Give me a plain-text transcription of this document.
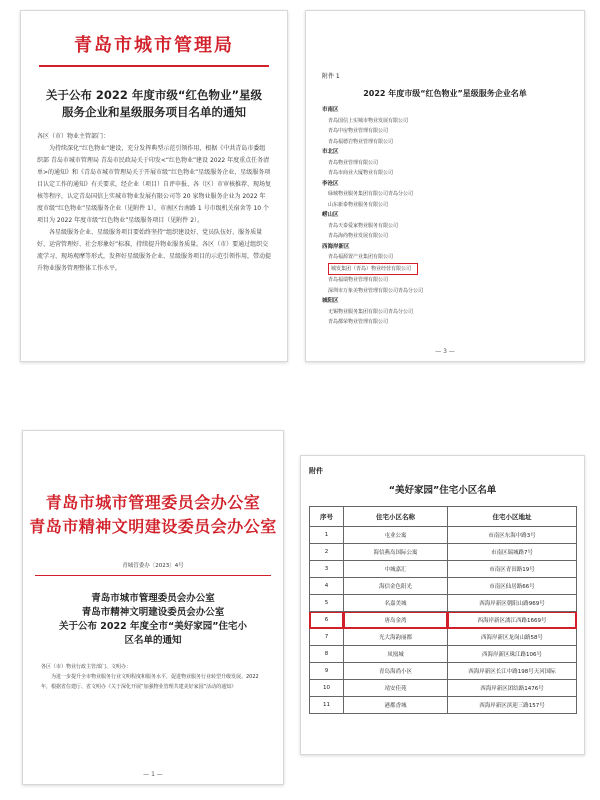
青岛市城市管理局
关于公布 2022 年度市级“红色物业”星级
服务企业和星级服务项目名单的通知

各区（市）物业主管部门：

为持续深化“红色物业”建设，充分发挥典型示范引领作用，根据《中共青岛市委组织部 青岛市城市管理局 青岛市民政局关于印发<“红色物业”建设 2022 年度重点任务清单>的通知》和《青岛市城市管理局关于开展市级“红色物业”星级服务企业、星级服务项目认定工作的通知》有关要求，经企业（项目）自评申报、各（区）市审核推荐、现场复核等程序，认定青岛国信上实城市物业发展有限公司等 20 家物业服务企业为 2022 年度市级“红色物业”星级服务企业（见附件 1），市南区台南路 1 号市级机关宿舍等 10 个项目为 2022 年度市级“红色物业”星级服务项目（见附件 2）。

各星级服务企业、星级服务项目要始终坚持“组织建设好、党员队伍好、服务质量好、运营管理好、社会形象好”标准，持续提升物业服务质量。各区（市）要通过组织交流学习、现场观摩等形式，发挥好星级服务企业、星级服务项目的示范引领作用，带动提升物业服务管理整体工作水平。

附件 1
2022 年度市级“红色物业”星级服务企业名单
市南区
青岛国信上实城市物业发展有限公司
青岛中房物业管理有限公司
青岛福德岩物业管理有限公司
市北区
青岛物业管理有限公司
青岛市商业大厦物业有限公司
李沧区
绿城物业服务集团有限公司青岛分公司
山东新泰物业服务有限公司
崂山区
青岛天泰爱家物业服务有限公司
青岛海尚物业发展有限公司
西海岸新区
青岛福源置产业集团有限公司
城发集团（青岛）物业经营有限公司
青岛福瑞物业管理有限公司
深圳市万象美物业管理有限公司青岛分公司
城阳区
无锡物业服务集团有限公司青岛分公司
青岛都荣物业管理有限公司
— 3 —
青岛市城市管理委员会办公室
青岛市精神文明建设委员会办公室
青城管委办〔2023〕4号
青岛市城市管理委员会办公室
青岛市精神文明建设委员会办公室
关于公布 2022 年度全市“美好家园”住宅小
区名单的通知

各区（市）物业行政主管部门、文明办：

为进一步提升全市物业服务行业文明程度和服务水平，促进物业服务行业转型升级发展。2022 年，根据省住建厅、省文明办《关于深化开展“加强物业管理共建美好家园”活动的通知》

— 1 —
附件
“美好家园”住宅小区名单
序号	住宅小区名称	住宅小区地址
1	屯业公寓	市南区东海中路3号
2	海信燕岛国际公寓	市南区瑞城路7号
3	中城嘉汇	市南区青田路19号
4	海信金色阳光	市南区仙居路66号
5	名嘉美城	西海岸新区朝阳山路969号
6	唐岛金湾	西海岸新区漓江西路1669号
7	光大海韵丽都	西海岸新区龙岗山路58号
8	凤凰城	西海岸新区珠江路106号
9	青岛海尚小区	西海岸新区长江中路198号天河国际
10	靖安佳苑	西海岸新区团结路1476号
11	港都香城	西海岸新区滨迎三路157号
